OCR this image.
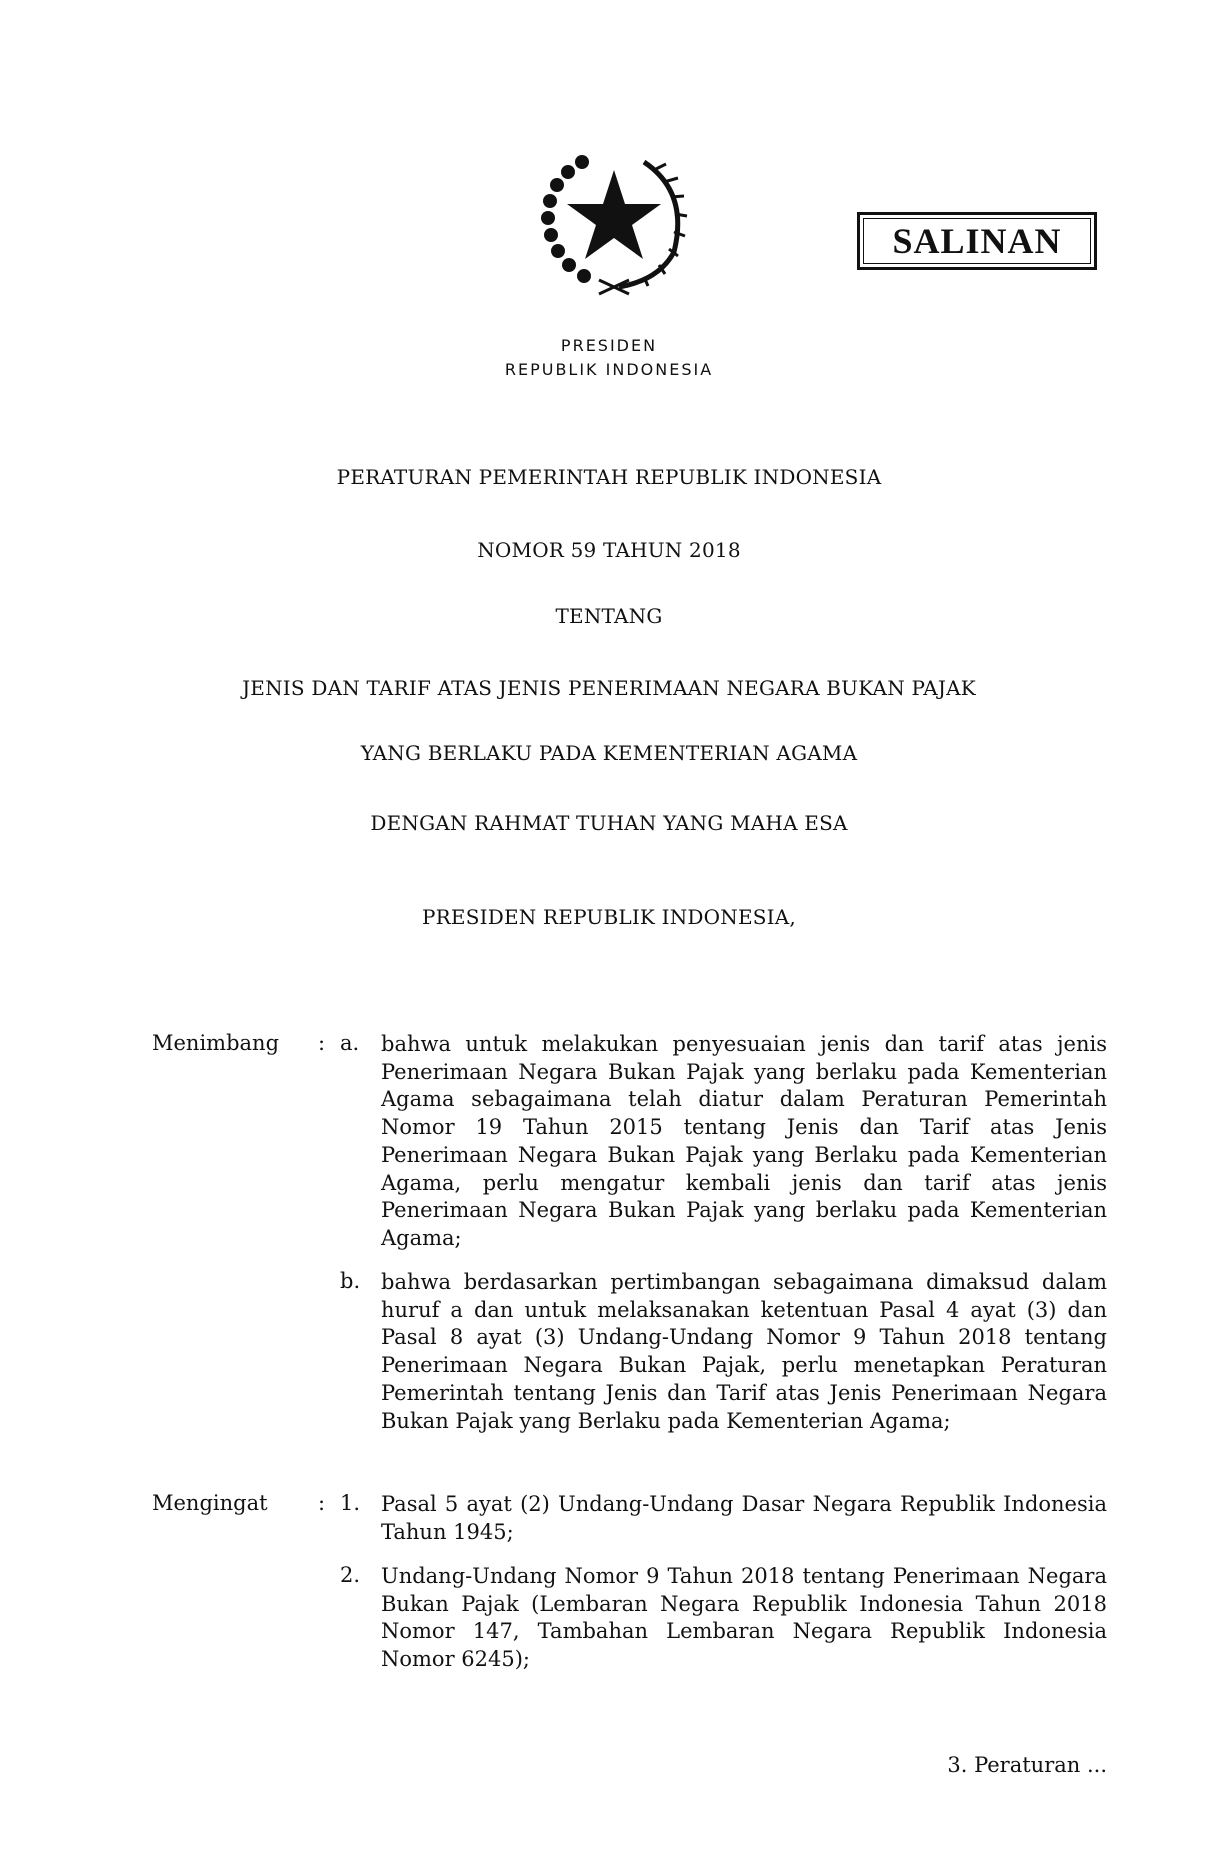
SALINAN
PRESIDEN
REPUBLIK INDONESIA
PERATURAN PEMERINTAH REPUBLIK INDONESIA
NOMOR 59 TAHUN 2018
TENTANG
JENIS DAN TARIF ATAS JENIS PENERIMAAN NEGARA BUKAN PAJAK
YANG BERLAKU PADA KEMENTERIAN AGAMA
DENGAN RAHMAT TUHAN YANG MAHA ESA
PRESIDEN REPUBLIK INDONESIA,
Menimbang : a. bahwa untuk melakukan penyesuaian jenis dan tarif atas jenis Penerimaan Negara Bukan Pajak yang berlaku pada Kementerian Agama sebagaimana telah diatur dalam Peraturan Pemerintah Nomor 19 Tahun 2015 tentang Jenis dan Tarif atas Jenis Penerimaan Negara Bukan Pajak yang Berlaku pada Kementerian Agama, perlu mengatur kembali jenis dan tarif atas jenis Penerimaan Negara Bukan Pajak yang berlaku pada Kementerian Agama;
b. bahwa berdasarkan pertimbangan sebagaimana dimaksud dalam huruf a dan untuk melaksanakan ketentuan Pasal 4 ayat (3) dan Pasal 8 ayat (3) Undang-Undang Nomor 9 Tahun 2018 tentang Penerimaan Negara Bukan Pajak, perlu menetapkan Peraturan Pemerintah tentang Jenis dan Tarif atas Jenis Penerimaan Negara Bukan Pajak yang Berlaku pada Kementerian Agama;
Mengingat : 1. Pasal 5 ayat (2) Undang-Undang Dasar Negara Republik Indonesia Tahun 1945;
2. Undang-Undang Nomor 9 Tahun 2018 tentang Penerimaan Negara Bukan Pajak (Lembaran Negara Republik Indonesia Tahun 2018 Nomor 147, Tambahan Lembaran Negara Republik Indonesia Nomor 6245);
3. Peraturan ...
